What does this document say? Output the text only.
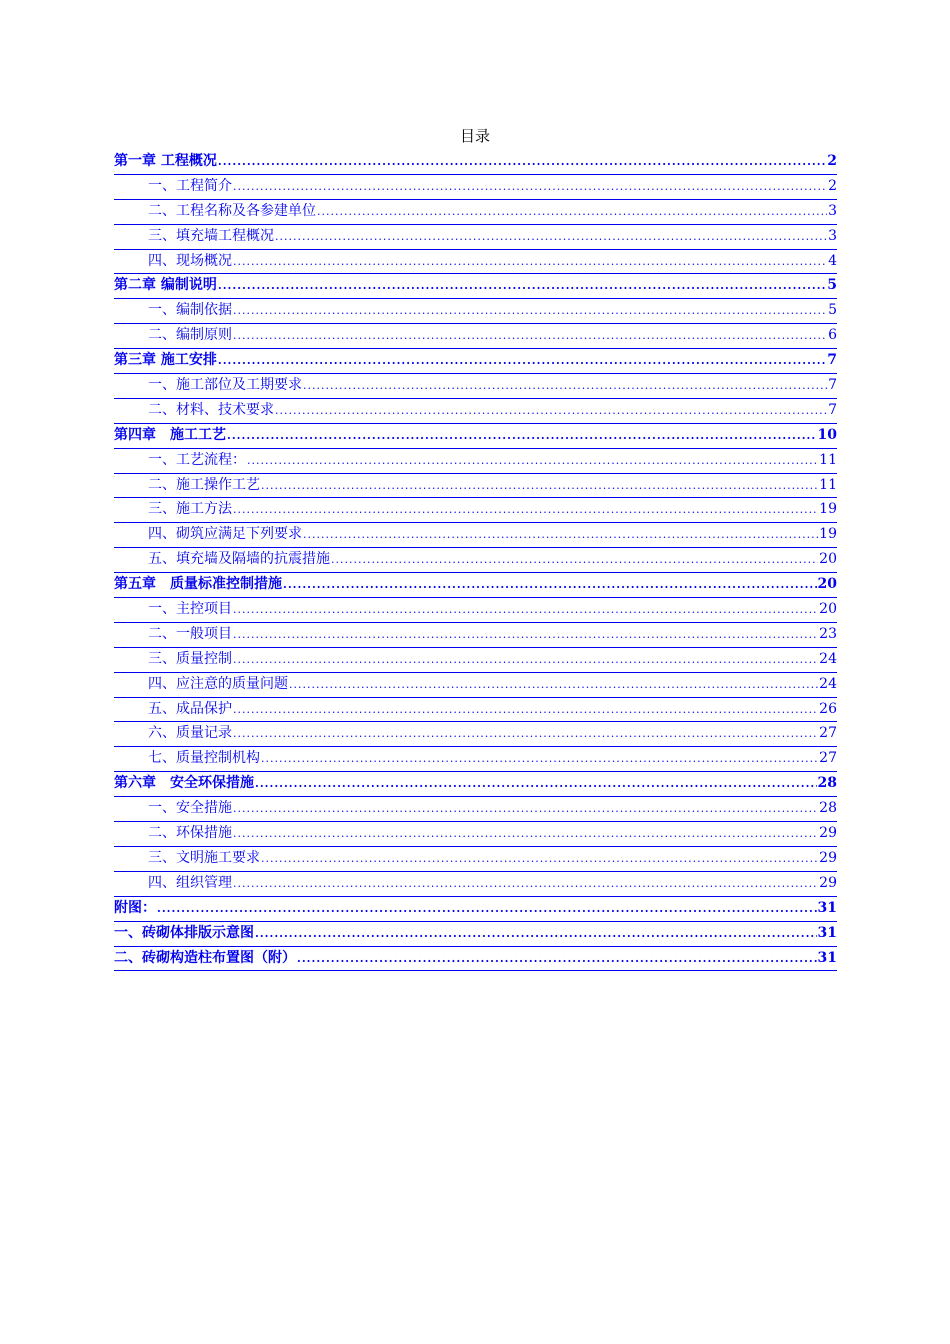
目录
第一章 工程概况 .....	2
一、工程简介 .....	2
二、工程名称及各参建单位 .....	3
三、填充墙工程概况 .....	3
四、现场概况 .....	4
第二章 编制说明 .....	5
一、编制依据 .....	5
二、编制原则 .....	6
第三章 施工安排 .....	7
一、施工部位及工期要求 .....	7
二、材料、技术要求 .....	7
第四章　施工工艺 .....	10
一、工艺流程： .....	11
二、施工操作工艺 .....	11
三、施工方法 .....	19
四、砌筑应满足下列要求 .....	19
五、填充墙及隔墙的抗震措施 .....	20
第五章　质量标准控制措施 .....	20
一、主控项目 .....	20
二、一般项目 .....	23
三、质量控制 .....	24
四、应注意的质量问题 .....	24
五、成品保护 .....	26
六、质量记录 .....	27
七、质量控制机构 .....	27
第六章　安全环保措施 .....	28
一、安全措施 .....	28
二、环保措施 .....	29
三、文明施工要求 .....	29
四、组织管理 .....	29
附图： .....	31
一、砖砌体排版示意图 .....	31
二、砖砌构造柱布置图（附） .....	31
